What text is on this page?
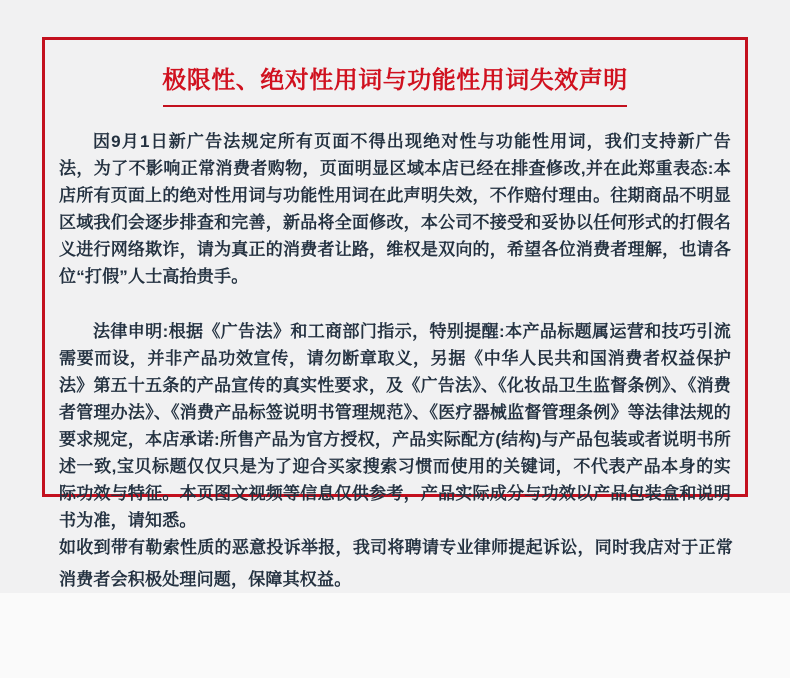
极限性、绝对性用词与功能性用词失效声明

因9月1日新广告法规定所有页面不得出现绝对性与功能性用词，我们支持新广告法，为了不影响正常消费者购物，页面明显区域本店已经在排查修改,并在此郑重表态:本店所有页面上的绝对性用词与功能性用词在此声明失效，不作赔付理由。往期商品不明显区域我们会逐步排查和完善，新品将全面修改，本公司不接受和妥协以任何形式的打假名义进行网络欺诈，请为真正的消费者让路，维权是双向的，希望各位消费者理解，也请各位“打假”人士高抬贵手。

法律申明:根据《广告法》和工商部门指示，特别提醒:本产品标题属运营和技巧引流需要而设，并非产品功效宣传，请勿断章取义，另据《中华人民共和国消费者权益保护法》第五十五条的产品宣传的真实性要求，及《广告法》、《化妆品卫生监督条例》、《消费者管理办法》、《消费产品标签说明书管理规范》、《医疗器械监督管理条例》等法律法规的要求规定，本店承诺:所售产品为官方授权，产品实际配方(结构)与产品包装或者说明书所述一致,宝贝标题仅仅只是为了迎合买家搜索习惯而使用的关键词，不代表产品本身的实际功效与特征。本页图文视频等信息仅供参考，产品实际成分与功效以产品包装盒和说明书为准，请知悉。

如收到带有勒索性质的恶意投诉举报，我司将聘请专业律师提起诉讼，同时我店对于正常消费者会积极处理问题，保障其权益。
